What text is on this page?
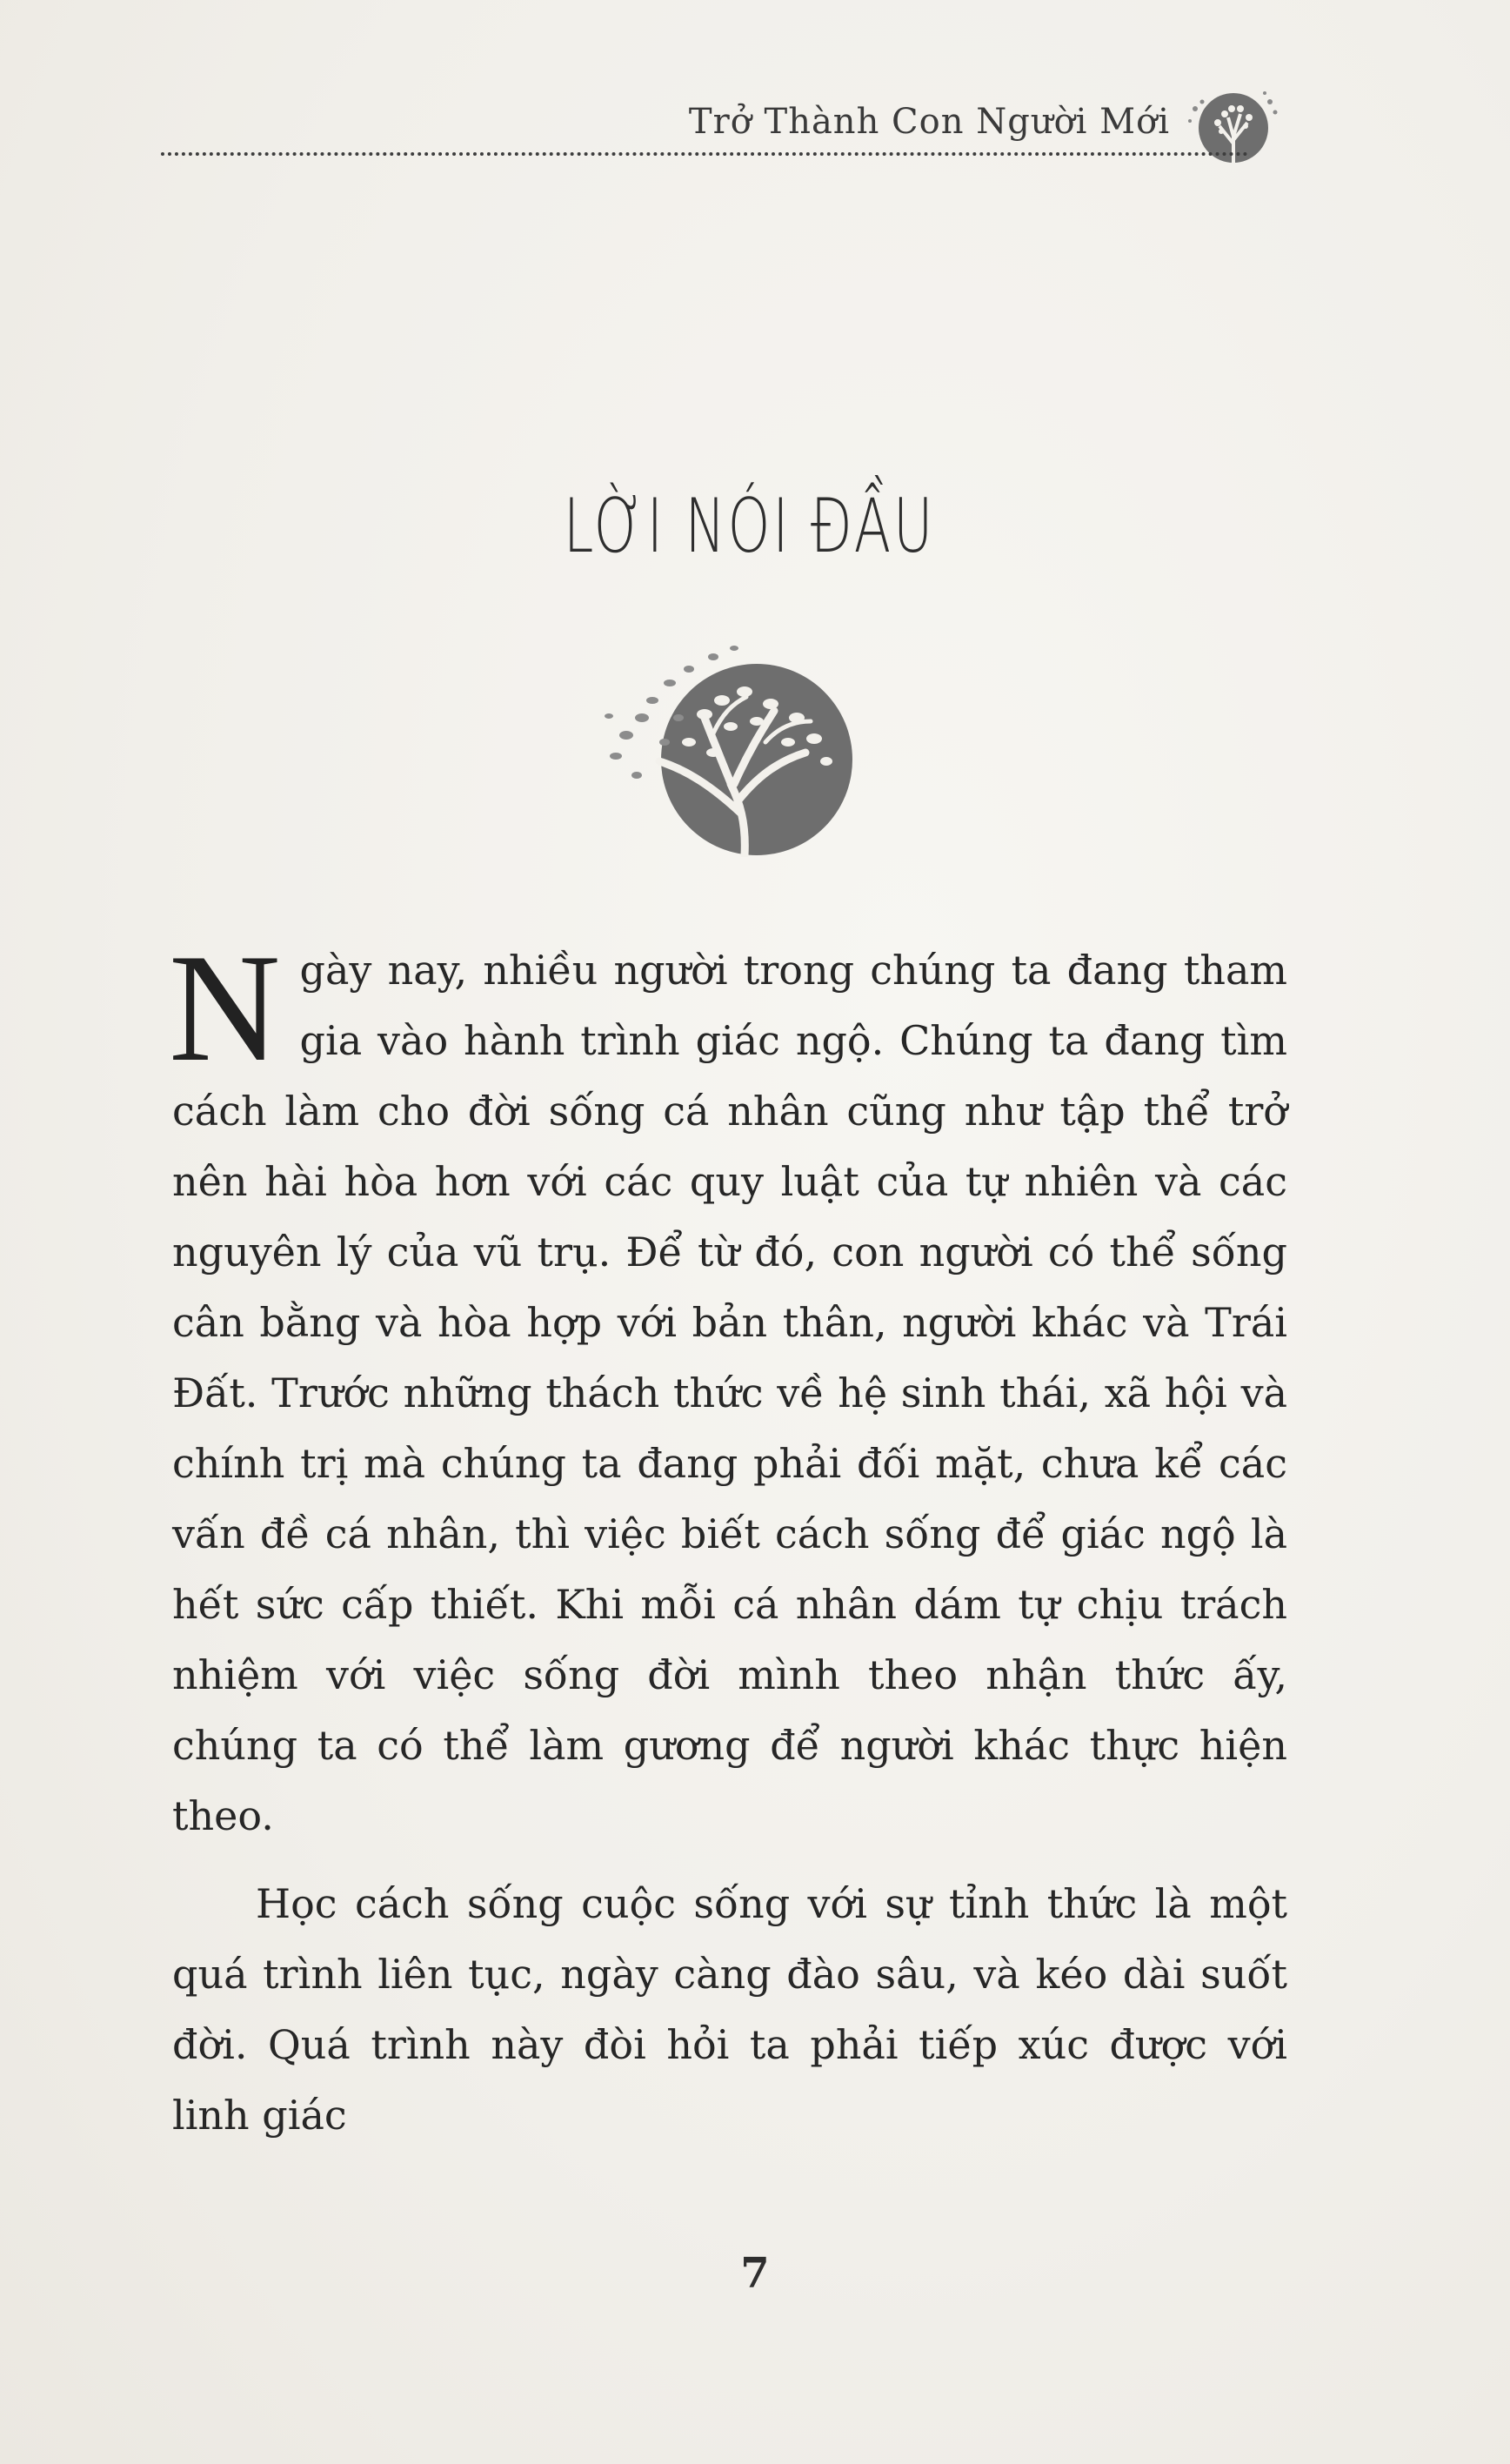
Trở Thành Con Người Mới
LỜI NÓI ĐẦU

Ngày nay, nhiều người trong chúng ta đang tham gia vào hành trình giác ngộ. Chúng ta đang tìm cách làm cho đời sống cá nhân cũng như tập thể trở nên hài hòa hơn với các quy luật của tự nhiên và các nguyên lý của vũ trụ. Để từ đó, con người có thể sống cân bằng và hòa hợp với bản thân, người khác và Trái Đất. Trước những thách thức về hệ sinh thái, xã hội và chính trị mà chúng ta đang phải đối mặt, chưa kể các vấn đề cá nhân, thì việc biết cách sống để giác ngộ là hết sức cấp thiết. Khi mỗi cá nhân dám tự chịu trách nhiệm với việc sống đời mình theo nhận thức ấy, chúng ta có thể làm gương để người khác thực hiện theo.

Học cách sống cuộc sống với sự tỉnh thức là một quá trình liên tục, ngày càng đào sâu, và kéo dài suốt đời. Quá trình này đòi hỏi ta phải tiếp xúc được với linh giác

7
